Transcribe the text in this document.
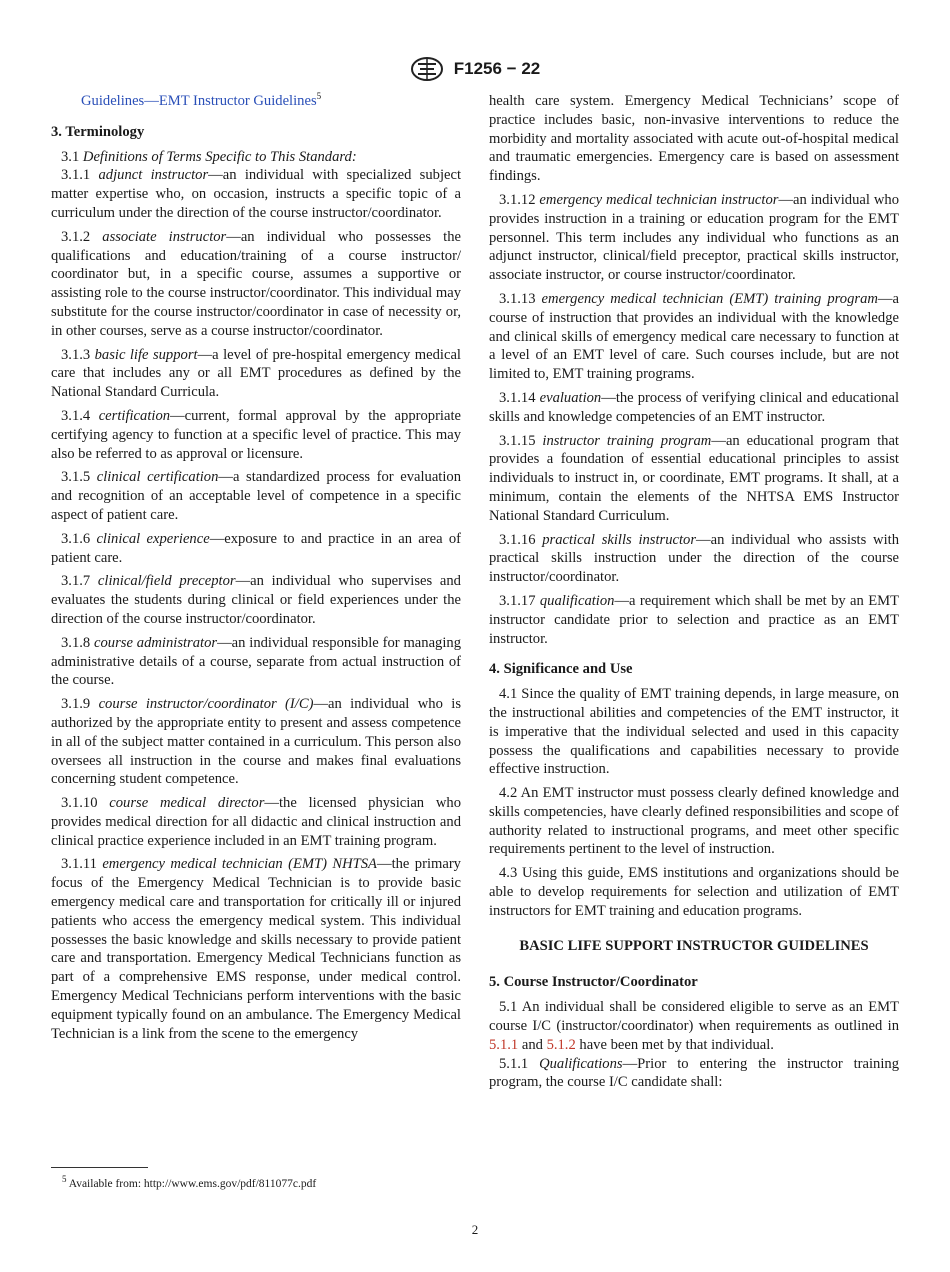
F1256 − 22

Guidelines—EMT Instructor Guidelines$^5$

3. Terminology

3.1 Definitions of Terms Specific to This Standard:

3.1.1 adjunct instructor—an individual with specialized subject matter expertise who, on occasion, instructs a specific topic of a curriculum under the direction of the course instructor/coordinator.

3.1.2 associate instructor—an individual who possesses the qualifications and education/training of a course instructor/ coordinator but, in a specific course, assumes a supportive or assisting role to the course instructor/coordinator. This individual may substitute for the course instructor/coordinator in case of necessity or, in other courses, serve as a course instructor/coordinator.

3.1.3 basic life support—a level of pre-hospital emergency medical care that includes any or all EMT procedures as defined by the National Standard Curricula.

3.1.4 certification—current, formal approval by the appropriate certifying agency to function at a specific level of practice. This may also be referred to as approval or licensure.

3.1.5 clinical certification—a standardized process for evaluation and recognition of an acceptable level of competence in a specific aspect of patient care.

3.1.6 clinical experience—exposure to and practice in an area of patient care.

3.1.7 clinical/field preceptor—an individual who supervises and evaluates the students during clinical or field experiences under the direction of the course instructor/coordinator.

3.1.8 course administrator—an individual responsible for managing administrative details of a course, separate from actual instruction of the course.

3.1.9 course instructor/coordinator (I/C)—an individual who is authorized by the appropriate entity to present and assess competence in all of the subject matter contained in a curriculum. This person also oversees all instruction in the course and makes final evaluations concerning student competence.

3.1.10 course medical director—the licensed physician who provides medical direction for all didactic and clinical instruction and clinical practice experience included in an EMT training program.

3.1.11 emergency medical technician (EMT) NHTSA—the primary focus of the Emergency Medical Technician is to provide basic emergency medical care and transportation for critically ill or injured patients who access the emergency medical system. This individual possesses the basic knowledge and skills necessary to provide patient care and transportation. Emergency Medical Technicians function as part of a comprehensive EMS response, under medical control. Emergency Medical Technicians perform interventions with the basic equipment typically found on an ambulance. The Emergency Medical Technician is a link from the scene to the emergency

health care system. Emergency Medical Technicians’ scope of practice includes basic, non-invasive interventions to reduce the morbidity and mortality associated with acute out-of-hospital medical and traumatic emergencies. Emergency care is based on assessment findings.

3.1.12 emergency medical technician instructor—an individual who provides instruction in a training or education program for the EMT personnel. This term includes any individual who functions as an adjunct instructor, clinical/field preceptor, practical skills instructor, associate instructor, or course instructor/coordinator.

3.1.13 emergency medical technician (EMT) training program—a course of instruction that provides an individual with the knowledge and clinical skills of emergency medical care necessary to function at a level of an EMT level of care. Such courses include, but are not limited to, EMT training programs.

3.1.14 evaluation—the process of verifying clinical and educational skills and knowledge competencies of an EMT instructor.

3.1.15 instructor training program—an educational program that provides a foundation of essential educational principles to assist individuals to instruct in, or coordinate, EMT programs. It shall, at a minimum, contain the elements of the NHTSA EMS Instructor National Standard Curriculum.

3.1.16 practical skills instructor—an individual who assists with practical skills instruction under the direction of the course instructor/coordinator.

3.1.17 qualification—a requirement which shall be met by an EMT instructor candidate prior to selection and practice as an EMT instructor.

4. Significance and Use

4.1 Since the quality of EMT training depends, in large measure, on the instructional abilities and competencies of the EMT instructor, it is imperative that the individual selected and used in this capacity possess the qualifications and capabilities necessary to provide effective instruction.

4.2 An EMT instructor must possess clearly defined knowledge and skills competencies, have clearly defined responsibilities and scope of authority related to instructional programs, and meet other specific requirements pertinent to the level of instruction.

4.3 Using this guide, EMS institutions and organizations should be able to develop requirements for selection and utilization of EMT instructors for EMT training and education programs.

BASIC LIFE SUPPORT INSTRUCTOR GUIDELINES
5. Course Instructor/Coordinator

5.1 An individual shall be considered eligible to serve as an EMT course I/C (instructor/coordinator) when requirements as outlined in 5.1.1 and 5.1.2 have been met by that individual.

5.1.1 Qualifications—Prior to entering the instructor training program, the course I/C candidate shall:

$^5$ Available from: http://www.ems.gov/pdf/811077c.pdf
2
